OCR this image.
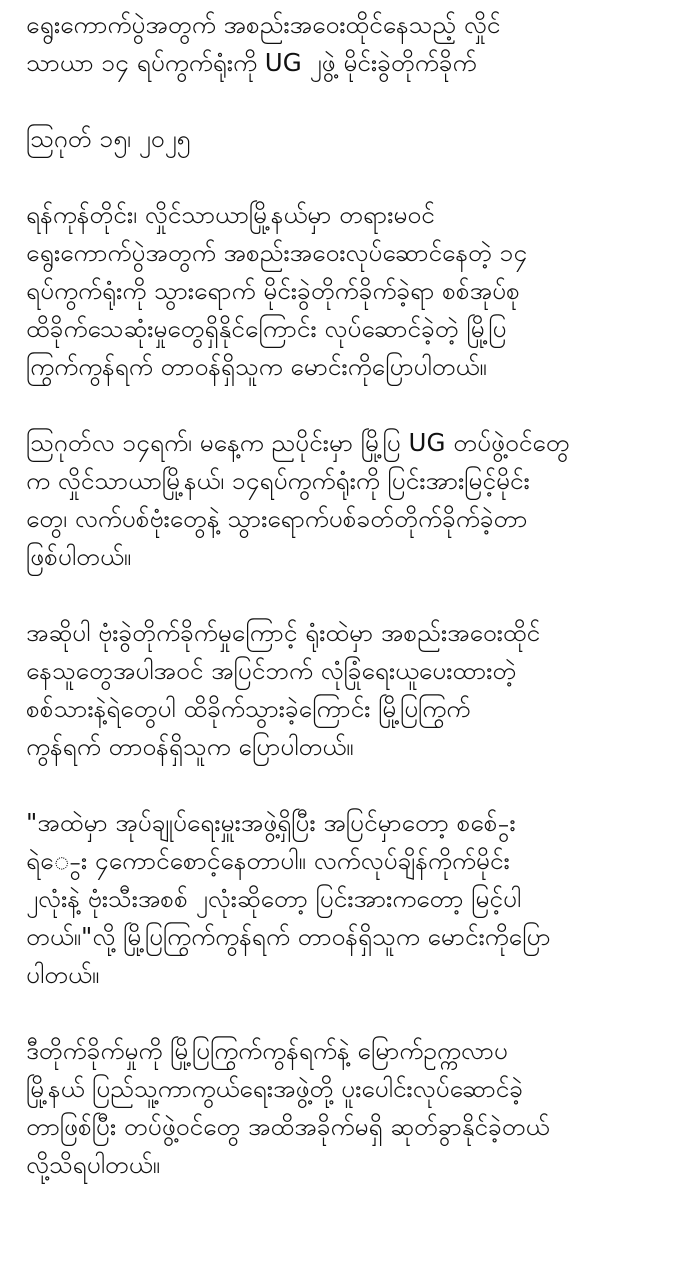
ရွေးကောက်ပွဲအတွက် အစည်းအဝေးထိုင်နေသည့် လှိုင်
သာယာ ၁၄ ရပ်ကွက်ရုံးကို UG ၂ဖွဲ့ မိုင်းခွဲတိုက်ခိုက်

ဩဂုတ် ၁၅၊ ၂၀၂၅

ရန်ကုန်တိုင်း၊ လှိုင်သာယာမြို့နယ်မှာ တရားမဝင်
ရွေးကောက်ပွဲအတွက် အစည်းအဝေးလုပ်ဆောင်နေတဲ့ ၁၄
ရပ်ကွက်ရုံးကို သွားရောက် မိုင်းခွဲတိုက်ခိုက်ခဲ့ရာ စစ်အုပ်စု
ထိခိုက်သေဆုံးမှုတွေရှိနိုင်ကြောင်း လုပ်ဆောင်ခဲ့တဲ့ မြို့ပြ
ကြွက်ကွန်ရက် တာဝန်ရှိသူက မောင်းကိုပြောပါတယ်။

ဩဂုတ်လ ၁၄ရက်၊ မနေ့က ညပိုင်းမှာ မြို့ပြ UG တပ်ဖွဲ့ဝင်တွေ
က လှိုင်သာယာမြို့နယ်၊ ၁၄ရပ်ကွက်ရုံးကို ပြင်းအားမြင့်မိုင်း
တွေ၊ လက်ပစ်ဗုံးတွေနဲ့ သွားရောက်ပစ်ခတ်တိုက်ခိုက်ခဲ့တာ
ဖြစ်ပါတယ်။

အဆိုပါ ဗုံးခွဲတိုက်ခိုက်မှုကြောင့် ရုံးထဲမှာ အစည်းအဝေးထိုင်
နေသူတွေအပါအဝင် အပြင်ဘက် လုံခြုံရေးယူပေးထားတဲ့
စစ်သားနဲ့ရဲတွေပါ ထိခိုက်သွားခဲ့ကြောင်း မြို့ပြကြွက်
ကွန်ရက် တာဝန်ရှိသူက ပြောပါတယ်။

"အထဲမှာ အုပ်ချုပ်ရေးမှူးအဖွဲ့ရှိပြီး အပြင်မှာတော့ စစ်ေ-ွး
ရဲေ-ွး ၄ကောင်စောင့်နေတာပါ။ လက်လုပ်ချိန်ကိုက်မိုင်း
၂လုံးနဲ့ ဗုံးသီးအစစ် ၂လုံးဆိုတော့ ပြင်းအားကတော့ မြင့်ပါ
တယ်။"လို့ မြို့ပြကြွက်ကွန်ရက် တာဝန်ရှိသူက မောင်းကိုပြော
ပါတယ်။

ဒီတိုက်ခိုက်မှုကို မြို့ပြကြွက်ကွန်ရက်နဲ့ မြောက်ဥက္ကလာပ
မြို့နယ် ပြည်သူ့ကာကွယ်ရေးအဖွဲ့တို့ ပူးပေါင်းလုပ်ဆောင်ခဲ့
တာဖြစ်ပြီး တပ်ဖွဲ့ဝင်တွေ အထိအခိုက်မရှိ ဆုတ်ခွာနိုင်ခဲ့တယ်
လို့သိရပါတယ်။
